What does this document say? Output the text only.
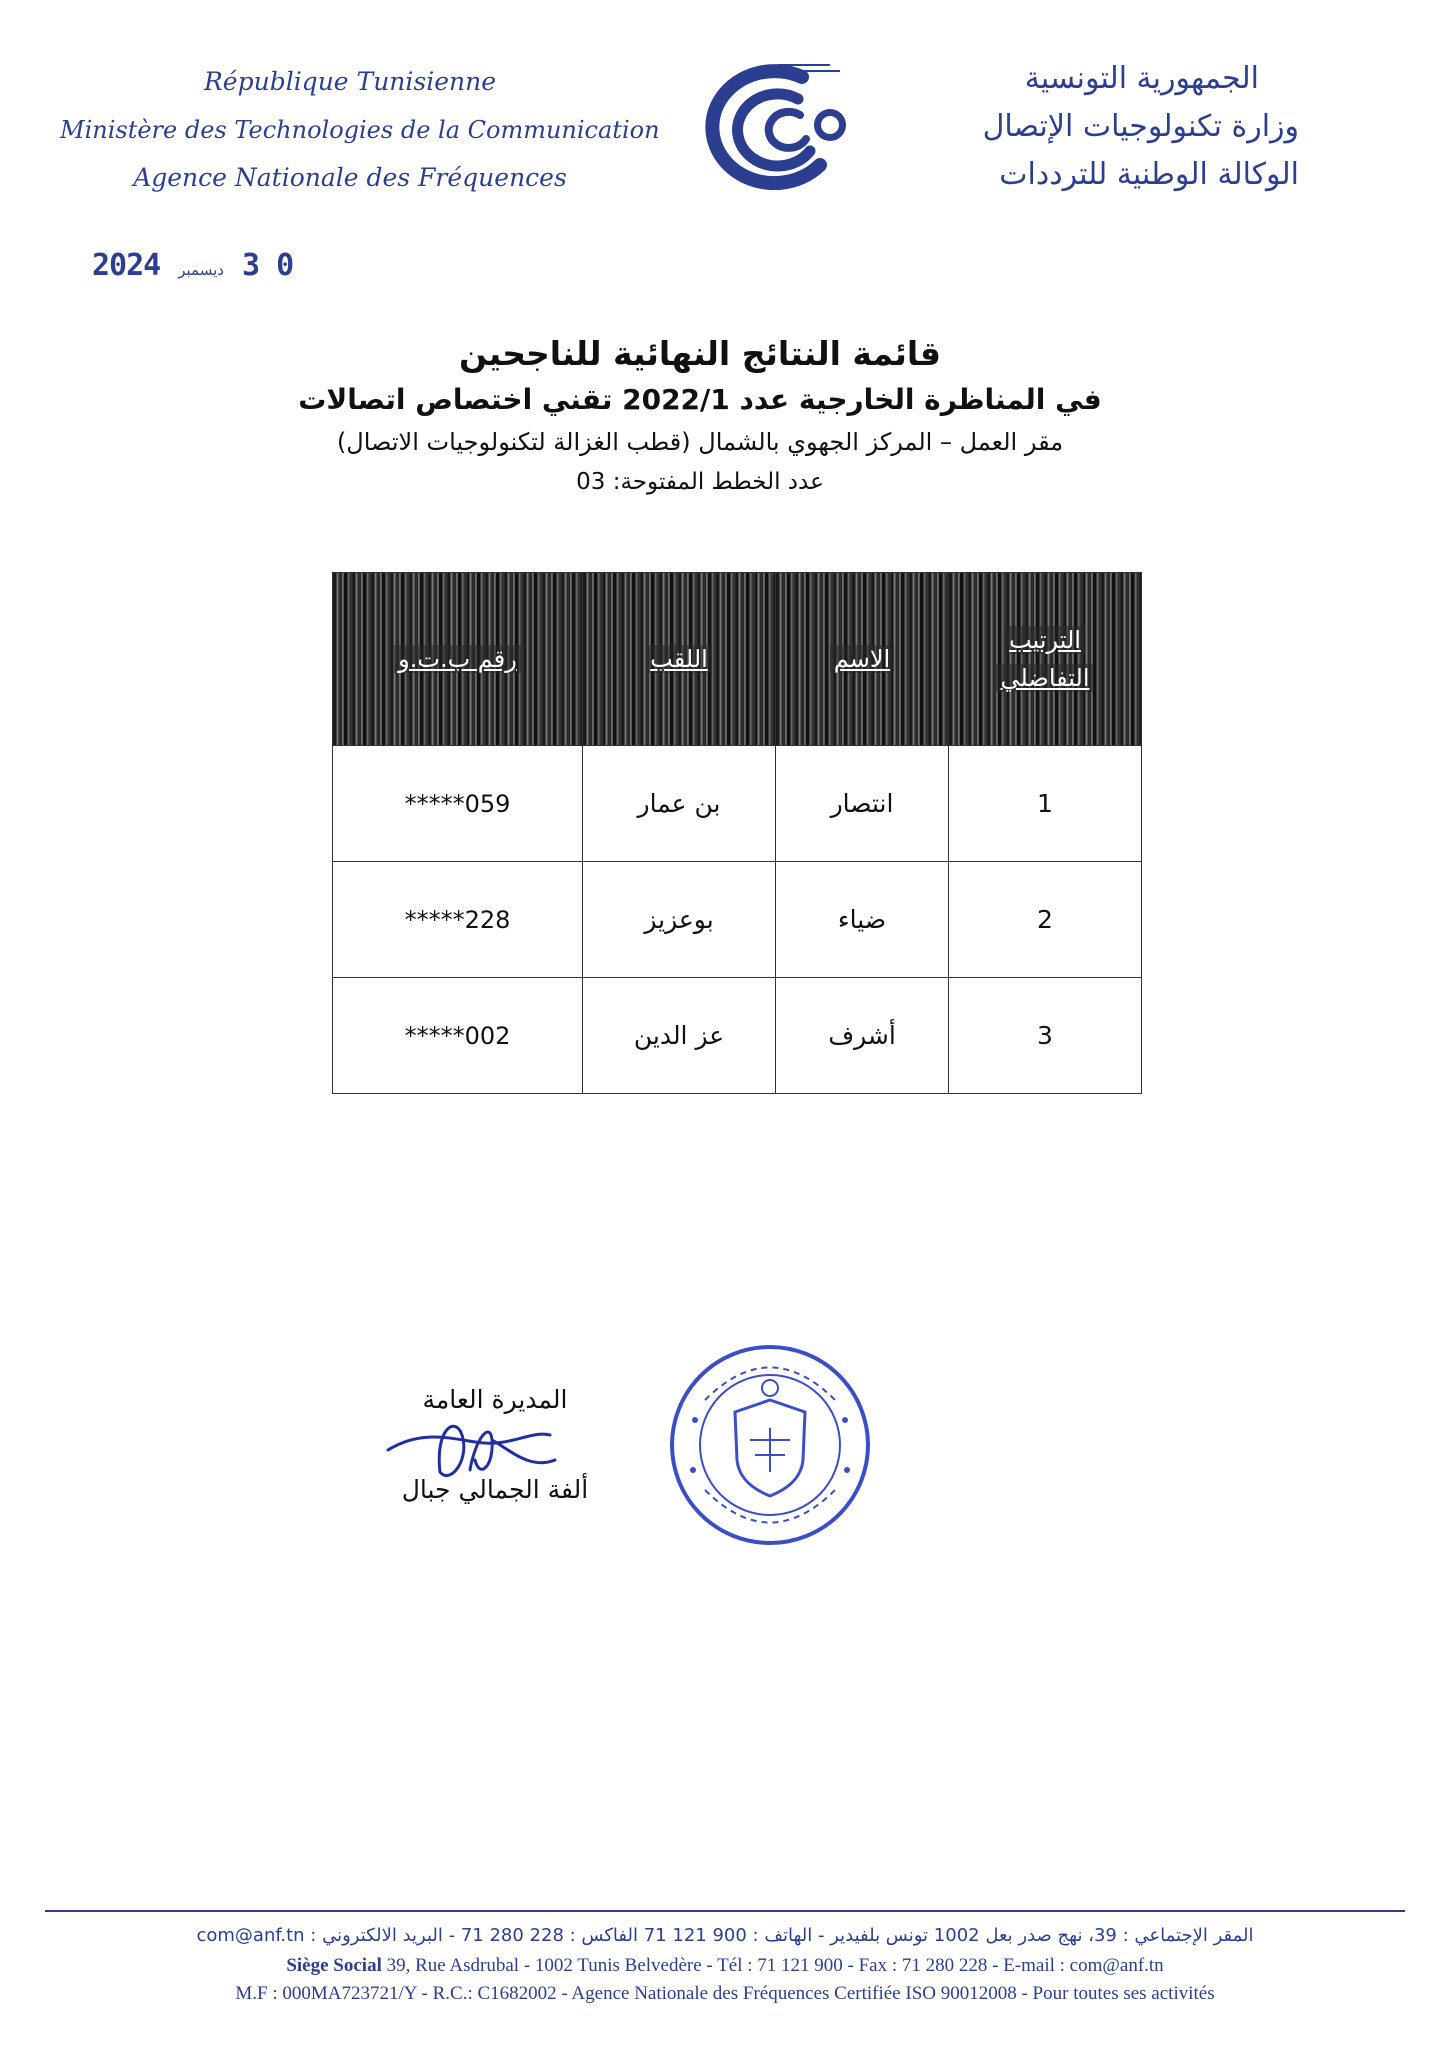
République Tunisienne
Ministère des Technologies de la Communication
Agence Nationale des Fréquences
الجمهورية التونسية
وزارة تكنولوجيات الإتصال
الوكالة الوطنية للترددات
2024 ديسمبر 3 0
قائمة النتائج النهائية للناجحين
في المناظرة الخارجية عدد 2022/1 تقني اختصاص اتصالات
مقر العمل – المركز الجهوي بالشمال (قطب الغزالة لتكنولوجيات الاتصال)
عدد الخطط المفتوحة: 03
الترتيب
التفاضلي	الاسم	اللقب	رقم ب.ت.و
1	انتصار	بن عمار	*****059
2	ضياء	بوعزيز	*****228
3	أشرف	عز الدين	*****002
المديرة العامة
ألفة الجمالي جبال
المقر الإجتماعي : 39، نهج صدر بعل 1002 تونس بلفيدير - الهاتف : 900 121 71 الفاكس : 228 280 71 - البريد الالكتروني : com@anf.tn
Siège Social 39, Rue Asdrubal - 1002 Tunis Belvedère - Tél : 71 121 900 - Fax : 71 280 228 - E-mail : com@anf.tn
M.F : 000MA723721/Y - R.C.: C1682002 - Agence Nationale des Fréquences Certifiée ISO 90012008 - Pour toutes ses activités
